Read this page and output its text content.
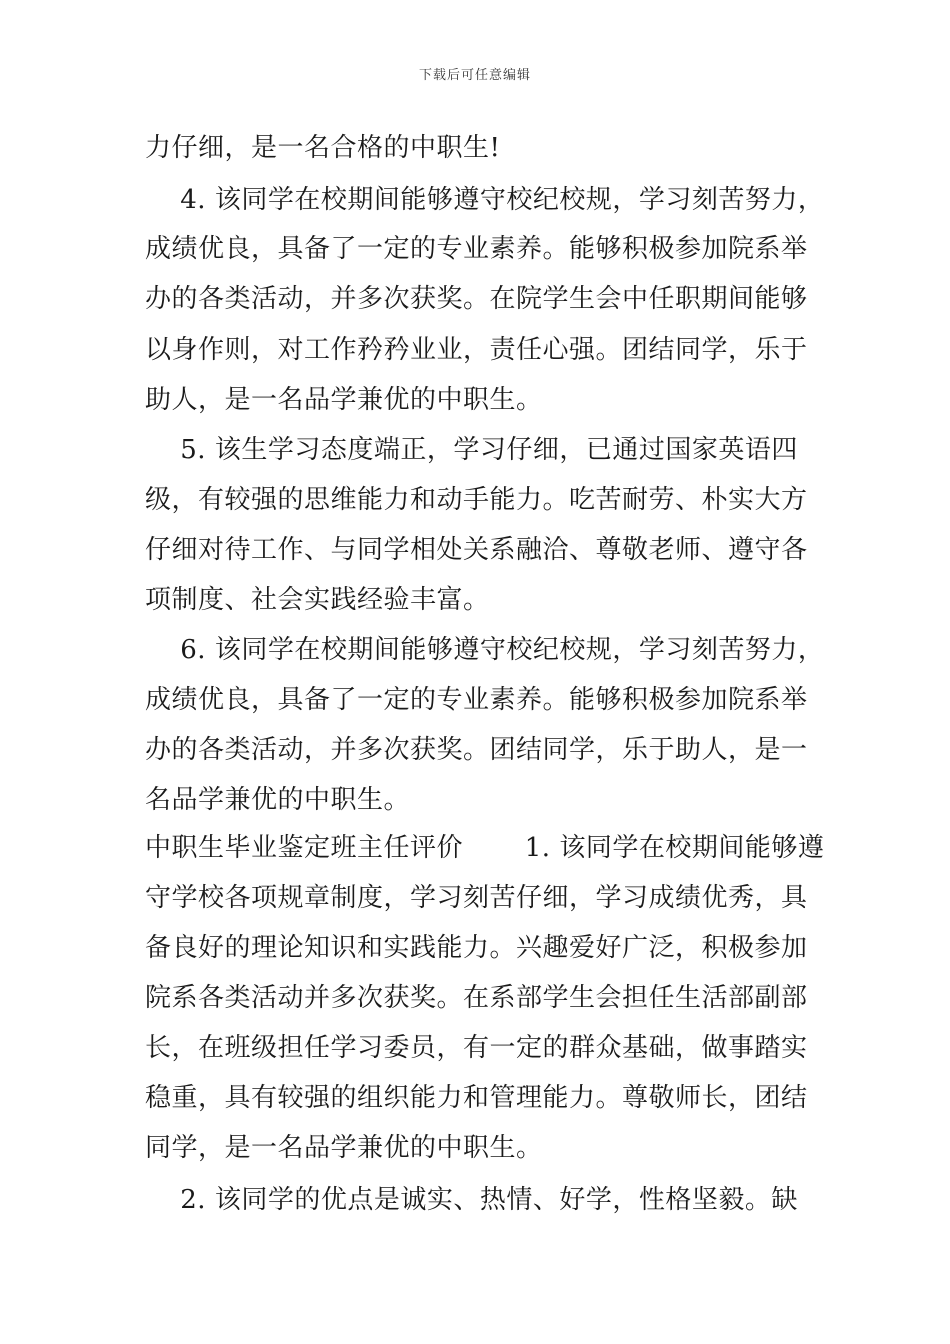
下载后可任意编辑
力仔细，是一名合格的中职生!
　 4. 该同学在校期间能够遵守校纪校规，学习刻苦努力，
成绩优良，具备了一定的专业素养。能够积极参加院系举
办的各类活动，并多次获奖。在院学生会中任职期间能够
以身作则，对工作矜矜业业，责任心强。团结同学，乐于
助人，是一名品学兼优的中职生。
　 5. 该生学习态度端正，学习仔细，已通过国家英语四
级，有较强的思维能力和动手能力。吃苦耐劳、朴实大方
仔细对待工作、与同学相处关系融洽、尊敬老师、遵守各
项制度、社会实践经验丰富。
　 6. 该同学在校期间能够遵守校纪校规，学习刻苦努力，
成绩优良，具备了一定的专业素养。能够积极参加院系举
办的各类活动，并多次获奖。团结同学，乐于助人，是一
名品学兼优的中职生。
中职生毕业鉴定班主任评价　　 1. 该同学在校期间能够遵
守学校各项规章制度，学习刻苦仔细，学习成绩优秀，具
备良好的理论知识和实践能力。兴趣爱好广泛，积极参加
院系各类活动并多次获奖。在系部学生会担任生活部副部
长，在班级担任学习委员，有一定的群众基础，做事踏实
稳重，具有较强的组织能力和管理能力。尊敬师长，团结
同学，是一名品学兼优的中职生。
　 2. 该同学的优点是诚实、热情、好学，性格坚毅。缺
